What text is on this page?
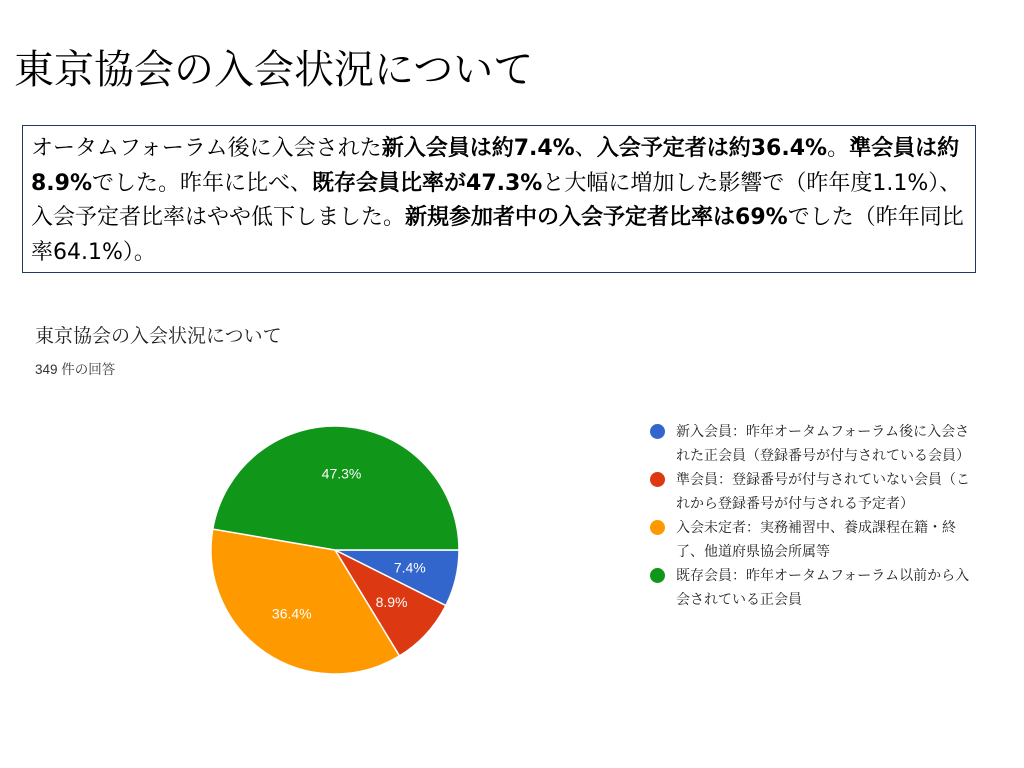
東京協会の入会状況について
オータムフォーラム後に入会された新入会員は約7.4%、入会予定者は約36.4%。準会員は約8.9%でした。昨年に比べ、既存会員比率が47.3%と大幅に増加した影響で（昨年度1.1%）、入会予定者比率はやや低下しました。新規参加者中の入会予定者比率は69%でした（昨年同比率64.1%）。
東京協会の入会状況について
349 件の回答
7.4%
8.9%
36.4%
47.3%
新入会員：昨年オータムフォーラム後に入会された正会員（登録番号が付与されている会員）
準会員：登録番号が付与されていない会員（これから登録番号が付与される予定者）
入会未定者：実務補習中、養成課程在籍・終了、他道府県協会所属等
既存会員：昨年オータムフォーラム以前から入会されている正会員
